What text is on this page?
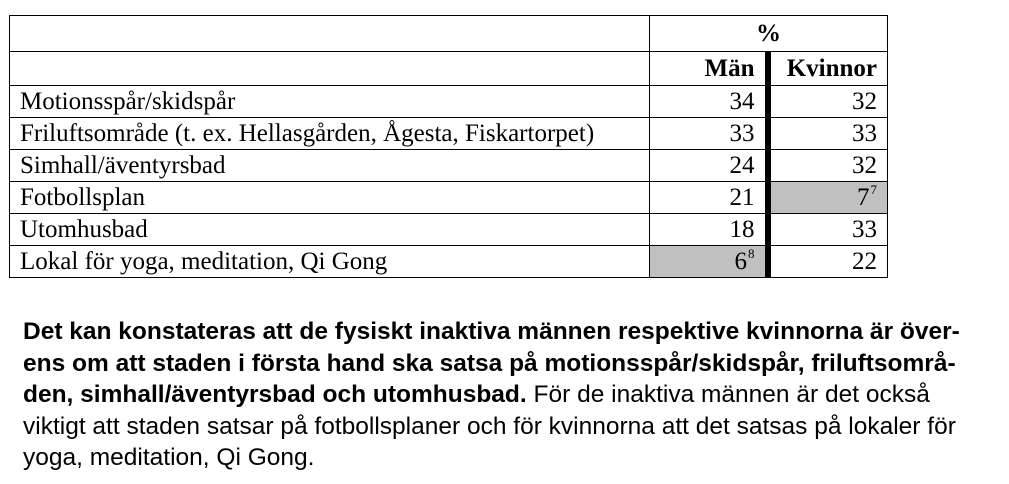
	%	
	Män	Kvinnor
Motionsspår/skidspår	34	32
Friluftsområde (t. ex. Hellasgården, Ågesta, Fiskartorpet)	33	33
Simhall/äventyrsbad	24	32
Fotbollsplan	21	$7^7$
Utomhusbad	18	33
Lokal för yoga, meditation, Qi Gong	$6^8$	22
Det kan konstateras att de fysiskt inaktiva männen respektive kvinnorna är över-
ens om att staden i första hand ska satsa på motionsspår/skidspår, friluftsområ-
den, simhall/äventyrsbad och utomhusbad. För de inaktiva männen är det också
viktigt att staden satsar på fotbollsplaner och för kvinnorna att det satsas på lokaler för
yoga, meditation, Qi Gong.
